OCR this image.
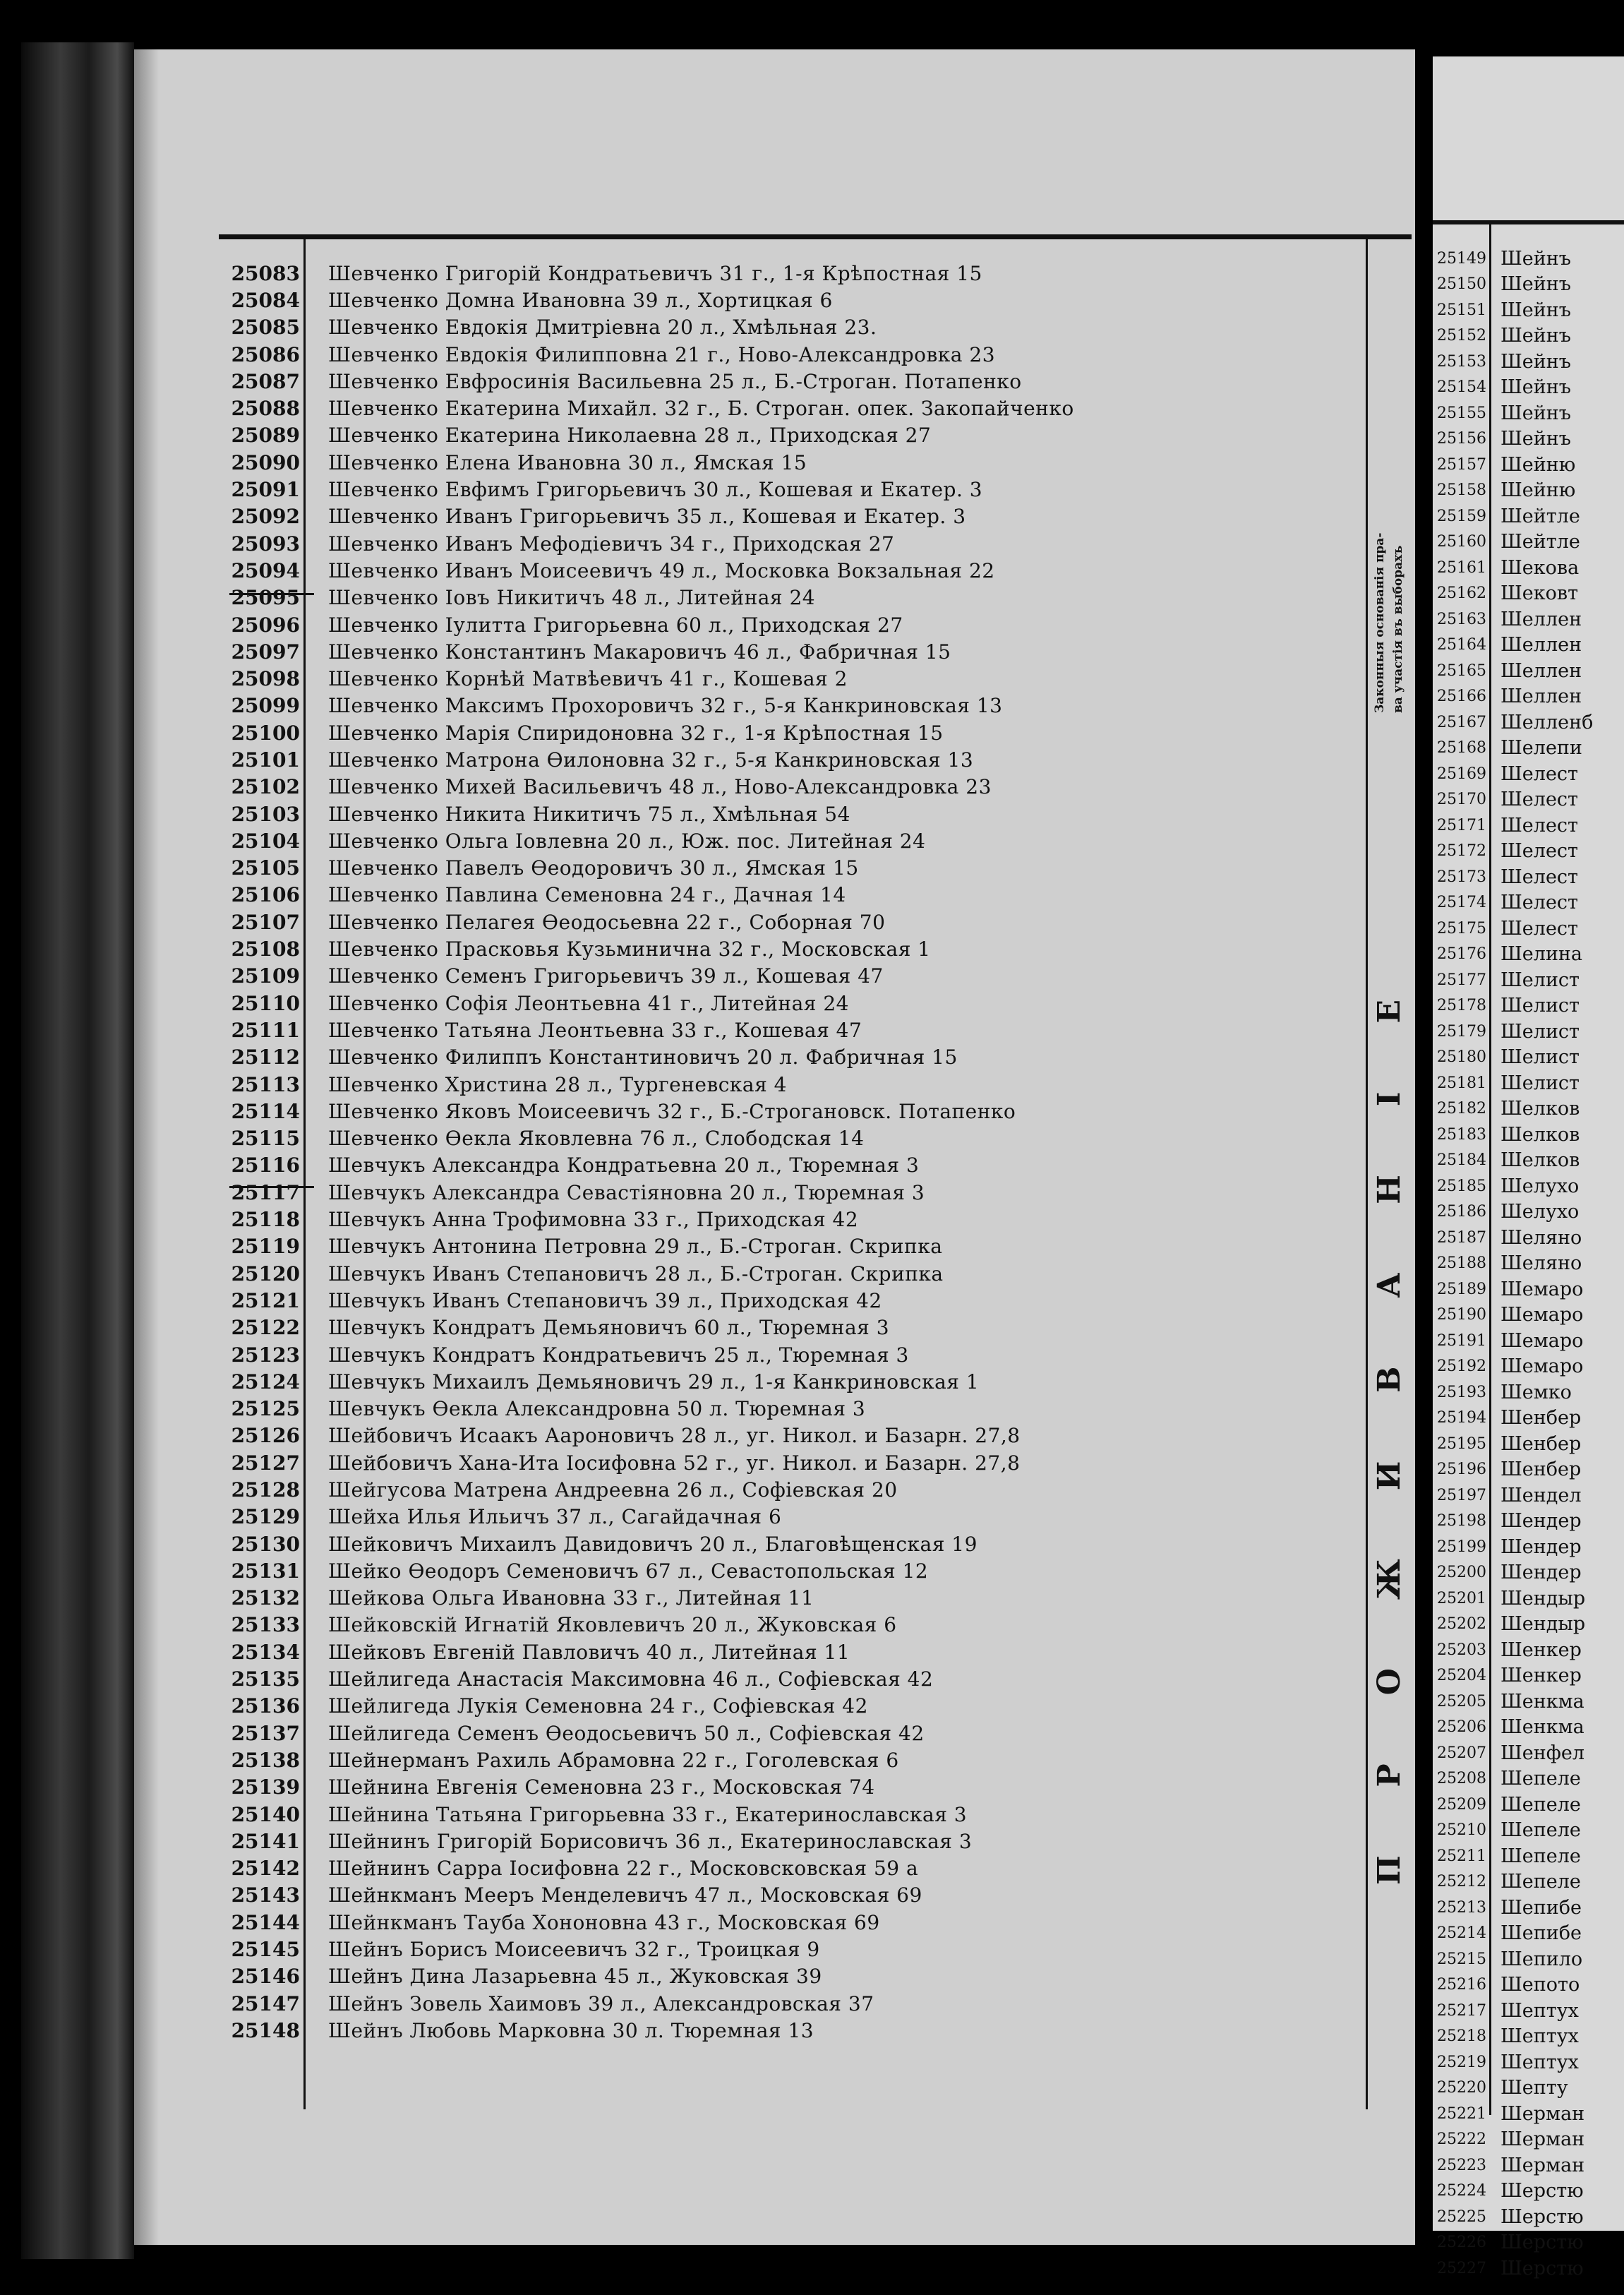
25083 Шевченко Григорій Кондратьевичъ 31 г., 1-я Крѣпостная 15
25084 Шевченко Домна Ивановна 39 л., Хортицкая 6
25085 Шевченко Евдокія Дмитріевна 20 л., Хмѣльная 23.
25086 Шевченко Евдокія Филипповна 21 г., Ново-Александровка 23
25087 Шевченко Евфросинія Васильевна 25 л., Б.-Строган. Потапенко
25088 Шевченко Екатерина Михайл. 32 г., Б. Строган. опек. Закопайченко
25089 Шевченко Екатерина Николаевна 28 л., Приходская 27
25090 Шевченко Елена Ивановна 30 л., Ямская 15
25091 Шевченко Евфимъ Григорьевичъ 30 л., Кошевая и Екатер. 3
25092 Шевченко Иванъ Григорьевичъ 35 л., Кошевая и Екатер. 3
25093 Шевченко Иванъ Мефодіевичъ 34 г., Приходская 27
25094 Шевченко Иванъ Моисеевичъ 49 л., Московка Вокзальная 22
25095 Шевченко Іовъ Никитичъ 48 л., Литейная 24
25096 Шевченко Іулитта Григорьевна 60 л., Приходская 27
25097 Шевченко Константинъ Макаровичъ 46 л., Фабричная 15
25098 Шевченко Корнѣй Матвѣевичъ 41 г., Кошевая 2
25099 Шевченко Максимъ Прохоровичъ 32 г., 5-я Канкриновская 13
25100 Шевченко Марія Спиридоновна 32 г., 1-я Крѣпостная 15
25101 Шевченко Матрона Ѳилоновна 32 г., 5-я Канкриновская 13
25102 Шевченко Михей Васильевичъ 48 л., Ново-Александровка 23
25103 Шевченко Никита Никитичъ 75 л., Хмѣльная 54
25104 Шевченко Ольга Іовлевна 20 л., Юж. пос. Литейная 24
25105 Шевченко Павелъ Ѳеодоровичъ 30 л., Ямская 15
25106 Шевченко Павлина Семеновна 24 г., Дачная 14
25107 Шевченко Пелагея Ѳеодосьевна 22 г., Соборная 70
25108 Шевченко Прасковья Кузьминична 32 г., Московская 1
25109 Шевченко Семенъ Григорьевичъ 39 л., Кошевая 47
25110 Шевченко Софія Леонтьевна 41 г., Литейная 24
25111 Шевченко Татьяна Леонтьевна 33 г., Кошевая 47
25112 Шевченко Филиппъ Константиновичъ 20 л. Фабричная 15
25113 Шевченко Христина 28 л., Тургеневская 4
25114 Шевченко Яковъ Моисеевичъ 32 г., Б.-Строгановск. Потапенко
25115 Шевченко Ѳекла Яковлевна 76 л., Слободская 14
25116 Шевчукъ Александра Кондратьевна 20 л., Тюремная 3
25117 Шевчукъ Александра Севастіяновна 20 л., Тюремная 3
25118 Шевчукъ Анна Трофимовна 33 г., Приходская 42
25119 Шевчукъ Антонина Петровна 29 л., Б.-Строган. Скрипка
25120 Шевчукъ Иванъ Степановичъ 28 л., Б.-Строган. Скрипка
25121 Шевчукъ Иванъ Степановичъ 39 л., Приходская 42
25122 Шевчукъ Кондратъ Демьяновичъ 60 л., Тюремная 3
25123 Шевчукъ Кондратъ Кондратьевичъ 25 л., Тюремная 3
25124 Шевчукъ Михаилъ Демьяновичъ 29 л., 1-я Канкриновская 1
25125 Шевчукъ Ѳекла Александровна 50 л. Тюремная 3
25126 Шейбовичъ Исаакъ Аароновичъ 28 л., уг. Никол. и Базарн. 27,8
25127 Шейбовичъ Хана-Ита Іосифовна 52 г., уг. Никол. и Базарн. 27,8
25128 Шейгусова Матрена Андреевна 26 л., Софіевская 20
25129 Шейха Илья Ильичъ 37 л., Сагайдачная 6
25130 Шейковичъ Михаилъ Давидовичъ 20 л., Благовѣщенская 19
25131 Шейко Ѳеодоръ Семеновичъ 67 л., Севастопольская 12
25132 Шейкова Ольга Ивановна 33 г., Литейная 11
25133 Шейковскій Игнатій Яковлевичъ 20 л., Жуковская 6
25134 Шейковъ Евгеній Павловичъ 40 л., Литейная 11
25135 Шейлигеда Анастасія Максимовна 46 л., Софіевская 42
25136 Шейлигеда Лукія Семеновна 24 г., Софіевская 42
25137 Шейлигеда Семенъ Ѳеодосьевичъ 50 л., Софіевская 42
25138 Шейнерманъ Рахиль Абрамовна 22 г., Гоголевская 6
25139 Шейнина Евгенія Семеновна 23 г., Московская 74
25140 Шейнина Татьяна Григорьевна 33 г., Екатеринославская 3
25141 Шейнинъ Григорій Борисовичъ 36 л., Екатеринославская 3
25142 Шейнинъ Сарра Іосифовна 22 г., Московсковская 59 а
25143 Шейнкманъ Мееръ Менделевичъ 47 л., Московская 69
25144 Шейнкманъ Тауба Хононовна 43 г., Московская 69
25145 Шейнъ Борисъ Моисеевичъ 32 г., Троицкая 9
25146 Шейнъ Дина Лазарьевна 45 л., Жуковская 39
25147 Шейнъ Зовель Хаимовъ 39 л., Александровская 37
25148 Шейнъ Любовь Марковна 30 л. Тюремная 13
Законныя основанія пра- ва участія въ выборахъ
ПРОЖИВАНІЕ
25149 Шейнъ
25150 Шейнъ
25151 Шейнъ
25152 Шейнъ
25153 Шейнъ
25154 Шейнъ
25155 Шейнъ
25156 Шейнъ
25157 Шейню
25158 Шейню
25159 Шейтле
25160 Шейтле
25161 Шекова
25162 Шековт
25163 Шеллен
25164 Шеллен
25165 Шеллен
25166 Шеллен
25167 Шелленб
25168 Шелепи
25169 Шелест
25170 Шелест
25171 Шелест
25172 Шелест
25173 Шелест
25174 Шелест
25175 Шелест
25176 Шелина
25177 Шелист
25178 Шелист
25179 Шелист
25180 Шелист
25181 Шелист
25182 Шелков
25183 Шелков
25184 Шелков
25185 Шелухо
25186 Шелухо
25187 Шеляно
25188 Шеляно
25189 Шемаро
25190 Шемаро
25191 Шемаро
25192 Шемаро
25193 Шемко
25194 Шенбер
25195 Шенбер
25196 Шенбер
25197 Шендел
25198 Шендер
25199 Шендер
25200 Шендер
25201 Шендыр
25202 Шендыр
25203 Шенкер
25204 Шенкер
25205 Шенкма
25206 Шенкма
25207 Шенфел
25208 Шепеле
25209 Шепеле
25210 Шепеле
25211 Шепеле
25212 Шепеле
25213 Шепибе
25214 Шепибе
25215 Шепило
25216 Шепото
25217 Шептух
25218 Шептух
25219 Шептух
25220 Шепту
25221 Шерман
25222 Шерман
25223 Шерман
25224 Шерстю
25225 Шерстю
25226 Шерстю
25227 Шерстю
